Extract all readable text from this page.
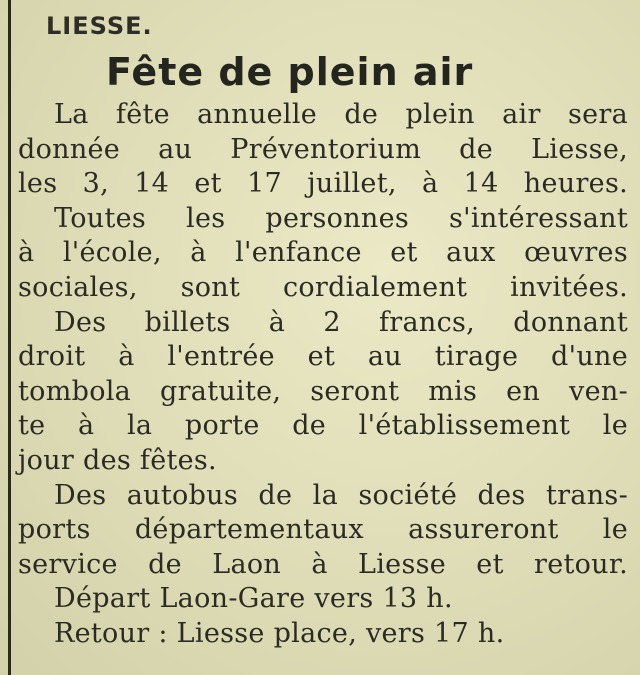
LIESSE.
Fête de plein air
La fête annuelle de plein air sera
donnée au Préventorium de Liesse,
les 3, 14 et 17 juillet, à 14 heures.
Toutes les personnes s'intéressant
à l'école, à l'enfance et aux œuvres
sociales, sont cordialement invitées.
Des billets à 2 francs, donnant
droit à l'entrée et au tirage d'une
tombola gratuite, seront mis en ven-
te à la porte de l'établissement le
jour des fêtes.
Des autobus de la société des trans-
ports départementaux assureront le
service de Laon à Liesse et retour.
Départ Laon-Gare vers 13 h.
Retour : Liesse place, vers 17 h.
